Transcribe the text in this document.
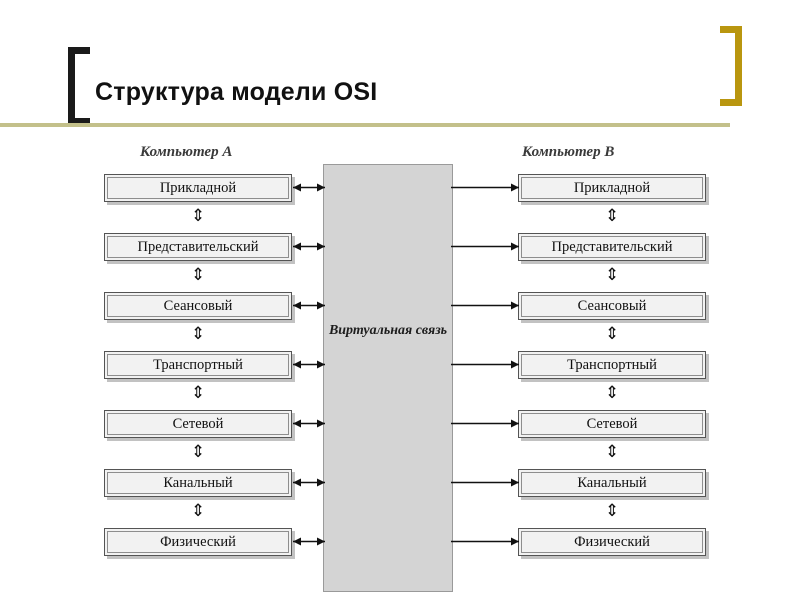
Структура модели OSI
Компьютер A	Компьютер B
Виртуальная связь
Прикладной
⇕
Представительский
⇕
Сеансовый
⇕
Транспортный
⇕
Сетевой
⇕
Канальный
⇕
Физический
Прикладной
⇕
Представительский
⇕
Сеансовый
⇕
Транспортный
⇕
Сетевой
⇕
Канальный
⇕
Физический
